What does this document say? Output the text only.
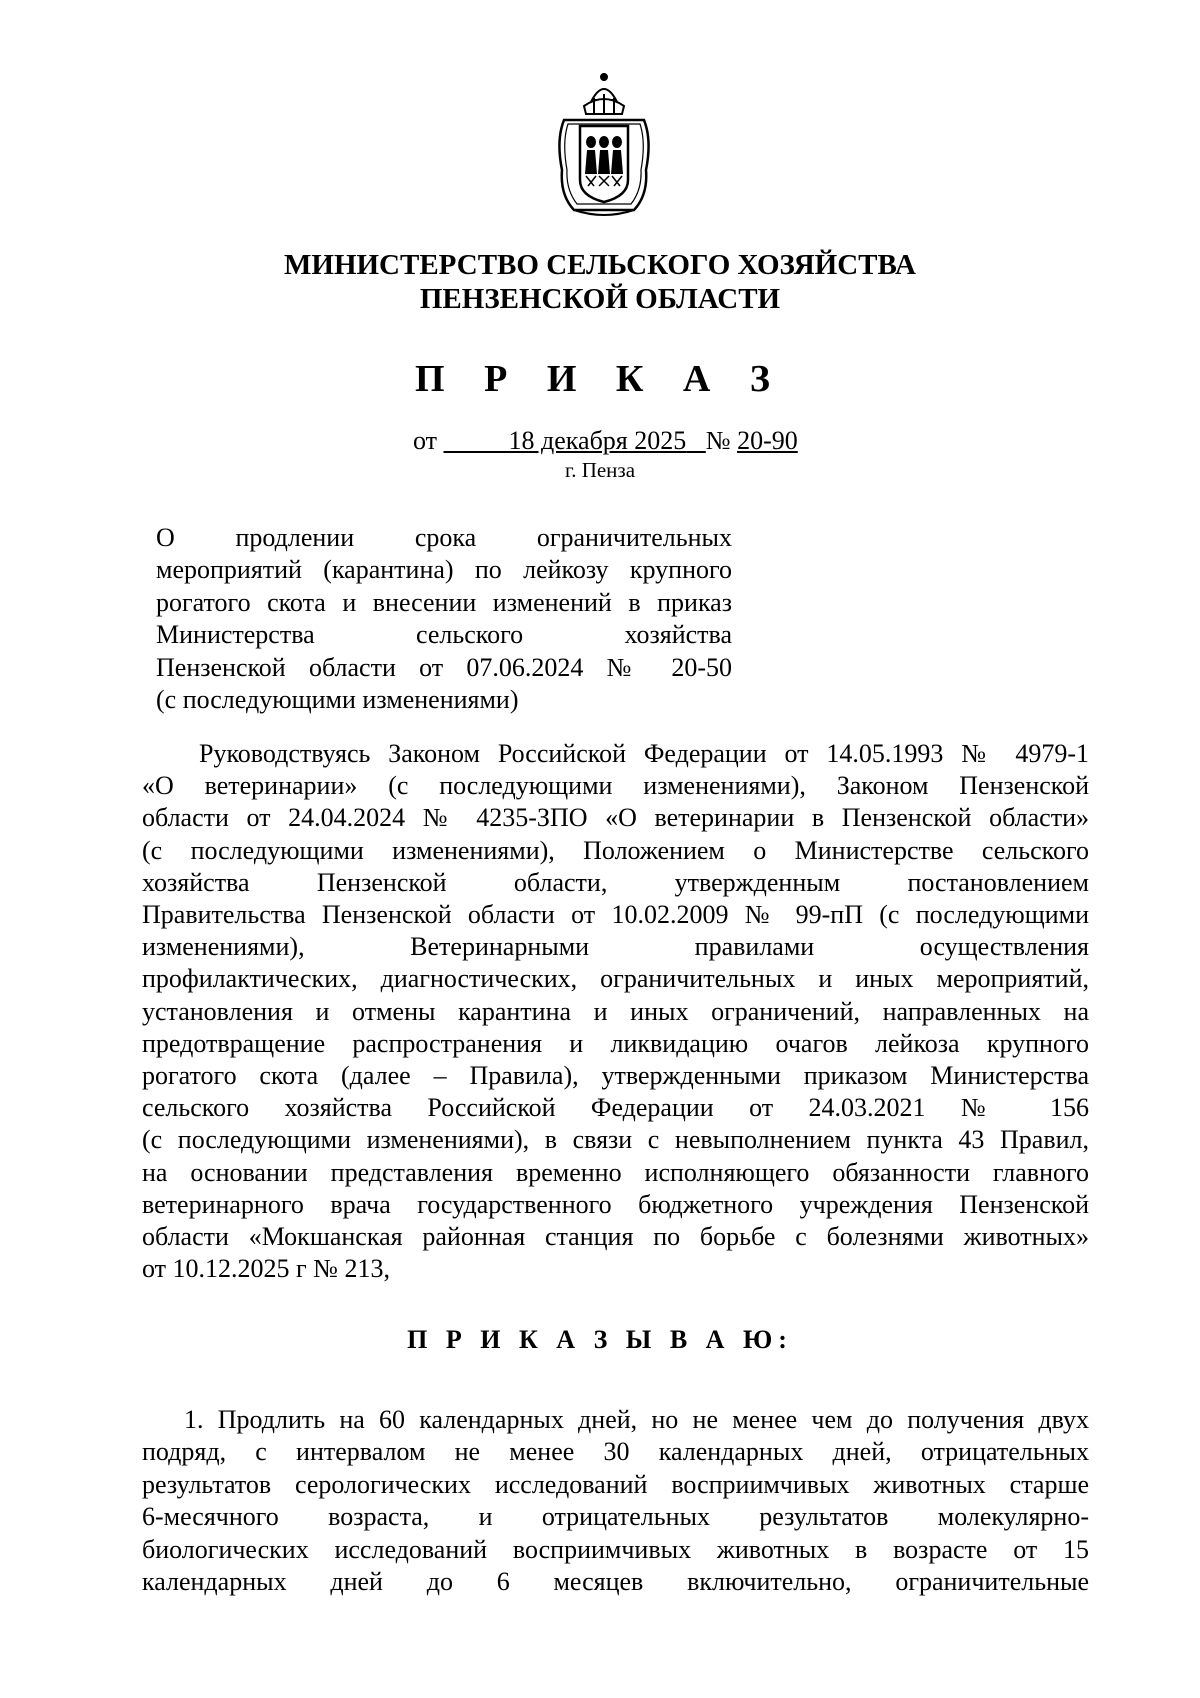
МИНИСТЕРСТВО СЕЛЬСКОГО ХОЗЯЙСТВА
ПЕНЗЕНСКОЙ ОБЛАСТИ
П Р И К А З
от	18 декабря 2025 № 20-90
г. Пенза
О продлении срока ограничительных
мероприятий (карантина) по лейкозу крупного
рогатого скота и внесении изменений в приказ
Министерства сельского хозяйства
Пензенской области от 07.06.2024 № 20-50
(с последующими изменениями)
Руководствуясь Законом Российской Федерации от 14.05.1993 № 4979-1
«О ветеринарии» (с последующими изменениями), Законом Пензенской
области от 24.04.2024 № 4235-ЗПО «О ветеринарии в Пензенской области»
(с последующими изменениями), Положением о Министерстве сельского
хозяйства Пензенской области, утвержденным постановлением
Правительства Пензенской области от 10.02.2009 № 99-пП (с последующими
изменениями), Ветеринарными правилами осуществления
профилактических, диагностических, ограничительных и иных мероприятий,
установления и отмены карантина и иных ограничений, направленных на
предотвращение распространения и ликвидацию очагов лейкоза крупного
рогатого скота (далее – Правила), утвержденными приказом Министерства
сельского хозяйства Российской Федерации от 24.03.2021 № 156
(с последующими изменениями), в связи с невыполнением пункта 43 Правил,
на основании представления временно исполняющего обязанности главного
ветеринарного врача государственного бюджетного учреждения Пензенской
области «Мокшанская районная станция по борьбе с болезнями животных»
от 10.12.2025 г № 213,
П Р И К А З Ы В А Ю:
1. Продлить на 60 календарных дней, но не менее чем до получения двух
подряд, с интервалом не менее 30 календарных дней, отрицательных
результатов серологических исследований восприимчивых животных старше
6-месячного возраста, и отрицательных результатов молекулярно-
биологических исследований восприимчивых животных в возрасте от 15
календарных дней до 6 месяцев включительно, ограничительные
